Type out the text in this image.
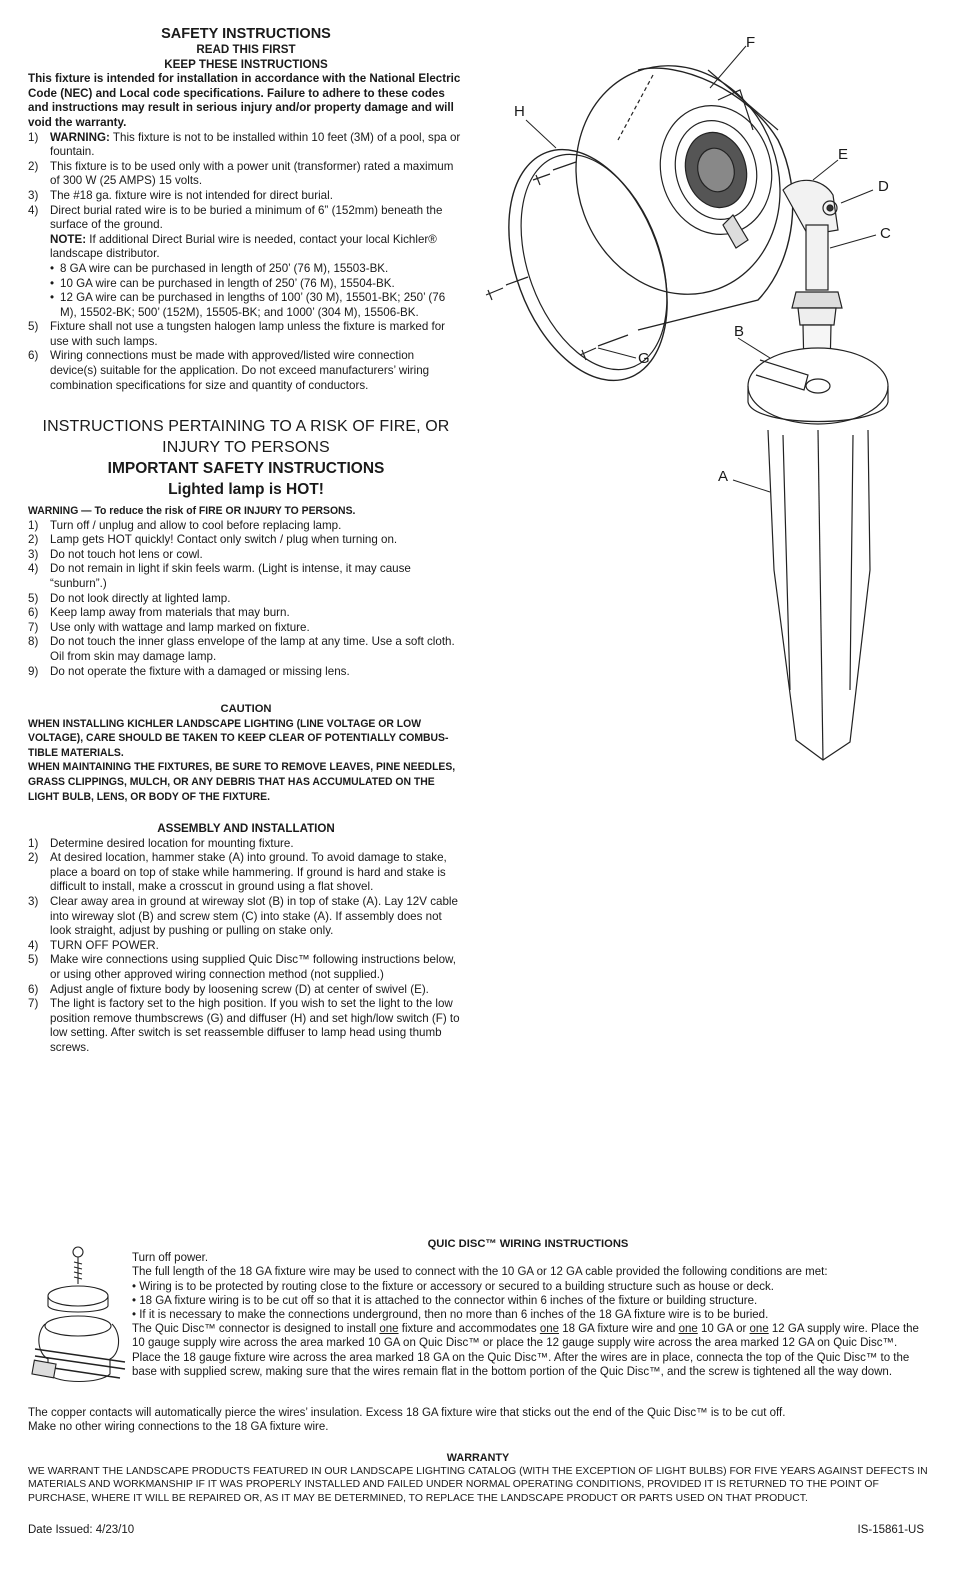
SAFETY INSTRUCTIONS
READ THIS FIRST
KEEP THESE INSTRUCTIONS
This fixture is intended for installation in accordance with the National Electric Code (NEC) and Local code specifications. Failure to adhere to these codes and instructions may result in serious injury and/or property damage and will void the warranty.
1) WARNING: This fixture is not to be installed within 10 feet (3M) of a pool, spa or fountain.
2) This fixture is to be used only with a power unit (transformer) rated a maximum of 300 W (25 AMPS) 15 volts.
3) The #18 ga. fixture wire is not intended for direct burial.
4) Direct burial rated wire is to be buried a minimum of 6” (152mm) beneath the surface of the ground.
NOTE: If additional Direct Burial wire is needed, contact your local Kichler® landscape distributor.
• 8 GA wire can be purchased in length of 250’ (76 M), 15503-BK.
• 10 GA wire can be purchased in length of 250’ (76 M), 15504-BK.
• 12 GA wire can be purchased in lengths of 100’ (30 M), 15501-BK; 250’ (76 M), 15502-BK; 500’ (152M), 15505-BK; and 1000’ (304 M), 15506-BK.
5) Fixture shall not use a tungsten halogen lamp unless the fixture is marked for use with such lamps.
6) Wiring connections must be made with approved/listed wire connection device(s) suitable for the application. Do not exceed manufacturers’ wiring combination specifications for size and quantity of conductors.
INSTRUCTIONS PERTAINING TO A RISK OF FIRE, OR INJURY TO PERSONS
IMPORTANT SAFETY INSTRUCTIONS
Lighted lamp is HOT!
WARNING — To reduce the risk of FIRE OR INJURY TO PERSONS.
1) Turn off / unplug and allow to cool before replacing lamp.
2) Lamp gets HOT quickly! Contact only switch / plug when turning on.
3) Do not touch hot lens or cowl.
4) Do not remain in light if skin feels warm. (Light is intense, it may cause “sunburn”.)
5) Do not look directly at lighted lamp.
6) Keep lamp away from materials that may burn.
7) Use only with wattage and lamp marked on fixture.
8) Do not touch the inner glass envelope of the lamp at any time. Use a soft cloth. Oil from skin may damage lamp.
9) Do not operate the fixture with a damaged or missing lens.
CAUTION
WHEN INSTALLING KICHLER LANDSCAPE LIGHTING (LINE VOLTAGE OR LOW VOLTAGE), CARE SHOULD BE TAKEN TO KEEP CLEAR OF POTENTIALLY COMBUS-TIBLE MATERIALS.
WHEN MAINTAINING THE FIXTURES, BE SURE TO REMOVE LEAVES, PINE NEEDLES, GRASS CLIPPINGS, MULCH, OR ANY DEBRIS THAT HAS ACCUMULATED ON THE LIGHT BULB, LENS, OR BODY OF THE FIXTURE.
ASSEMBLY AND INSTALLATION
1) Determine desired location for mounting fixture.
2) At desired location, hammer stake (A) into ground. To avoid damage to stake, place a board on top of stake while hammering. If ground is hard and stake is difficult to install, make a crosscut in ground using a flat shovel.
3) Clear away area in ground at wireway slot (B) in top of stake (A). Lay 12V cable into wireway slot (B) and screw stem (C) into stake (A). If assembly does not look straight, adjust by pushing or pulling on stake only.
4) TURN OFF POWER.
5) Make wire connections using supplied Quic Disc™ following instructions below, or using other approved wiring connection method (not supplied.)
6) Adjust angle of fixture body by loosening screw (D) at center of swivel (E).
7) The light is factory set to the high position. If you wish to set the light to the low position remove thumbscrews (G) and diffuser (H) and set high/low switch (F) to low setting. After switch is set reassemble diffuser to lamp head using thumb screws.
F
H
E
D
C
B
G
A
QUIC DISC™ WIRING INSTRUCTIONS
Turn off power.
The full length of the 18 GA fixture wire may be used to connect with the 10 GA or 12 GA cable provided the following conditions are met:
• Wiring is to be protected by routing close to the fixture or accessory or secured to a building structure such as house or deck.
• 18 GA fixture wiring is to be cut off so that it is attached to the connector within 6 inches of the fixture or building structure.
• If it is necessary to make the connections underground, then no more than 6 inches of the 18 GA fixture wire is to be buried.
The Quic Disc™ connector is designed to install one fixture and accommodates one 18 GA fixture wire and one 10 GA or one 12 GA supply wire. Place the 10 gauge supply wire across the area marked 10 GA on Quic Disc™ or place the 12 gauge supply wire across the area marked 12 GA on Quic Disc™.
Place the 18 gauge fixture wire across the area marked 18 GA on the Quic Disc™. After the wires are in place, connecta the top of the Quic Disc™ to the base with supplied screw, making sure that the wires remain flat in the bottom portion of the Quic Disc™, and the screw is tightened all the way down.
The copper contacts will automatically pierce the wires’ insulation. Excess 18 GA fixture wire that sticks out the end of the Quic Disc™ is to be cut off.
Make no other wiring connections to the 18 GA fixture wire.
WARRANTY
WE WARRANT THE LANDSCAPE PRODUCTS FEATURED IN OUR LANDSCAPE LIGHTING CATALOG (WITH THE EXCEPTION OF LIGHT BULBS) FOR FIVE YEARS AGAINST DEFECTS IN MATERIALS AND WORKMANSHIP IF IT WAS PROPERLY INSTALLED AND FAILED UNDER NORMAL OPERATING CONDITIONS, PROVIDED IT IS RETURNED TO THE POINT OF PURCHASE, WHERE IT WILL BE REPAIRED OR, AS IT MAY BE DETERMINED, TO REPLACE THE LANDSCAPE PRODUCT OR PARTS USED ON THAT PRODUCT.
Date Issued: 4/23/10	IS-15861-US
